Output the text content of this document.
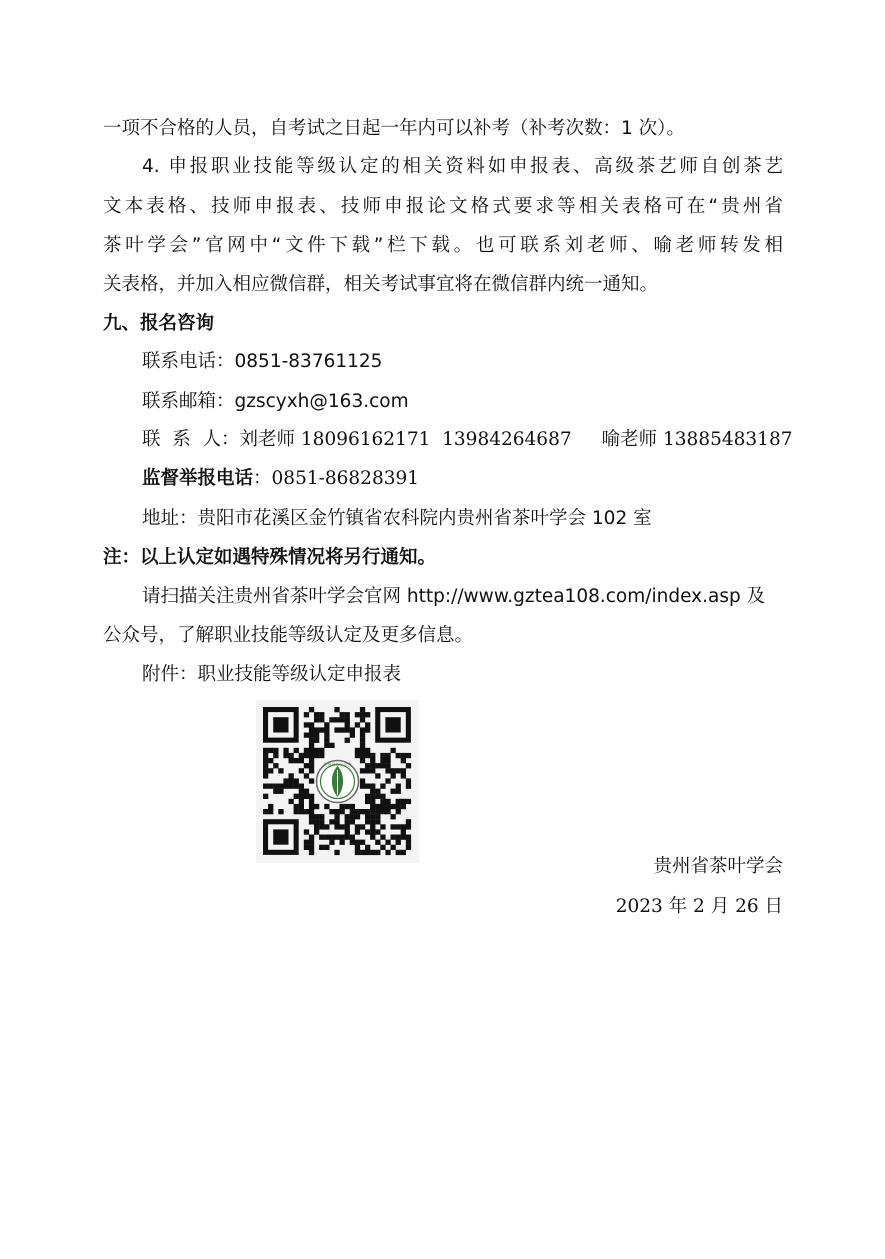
一项不合格的人员，自考试之日起一年内可以补考（补考次数：1 次）。
4. 申报职业技能等级认定的相关资料如申报表、高级茶艺师自创茶艺
文本表格、技师申报表、技师申报论文格式要求等相关表格可在“贵州省
茶叶学会”官网中“文件下载”栏下载。也可联系刘老师、喻老师转发相
关表格，并加入相应微信群，相关考试事宜将在微信群内统一通知。
九、报名咨询
联系电话：0851-83761125
联系邮箱：gzscyxh@163.com
联  系  人：刘老师 18096162171  13984264687 喻老师 13885483187
监督举报电话：0851-86828391
地址：贵阳市花溪区金竹镇省农科院内贵州省茶叶学会 102 室
注：以上认定如遇特殊情况将另行通知。
请扫描关注贵州省茶叶学会官网 http://www.gztea108.com/index.asp 及
公众号，了解职业技能等级认定及更多信息。
附件：职业技能等级认定申报表
贵州省茶叶学会
贵州省茶叶学会
2023 年 2 月 26 日
